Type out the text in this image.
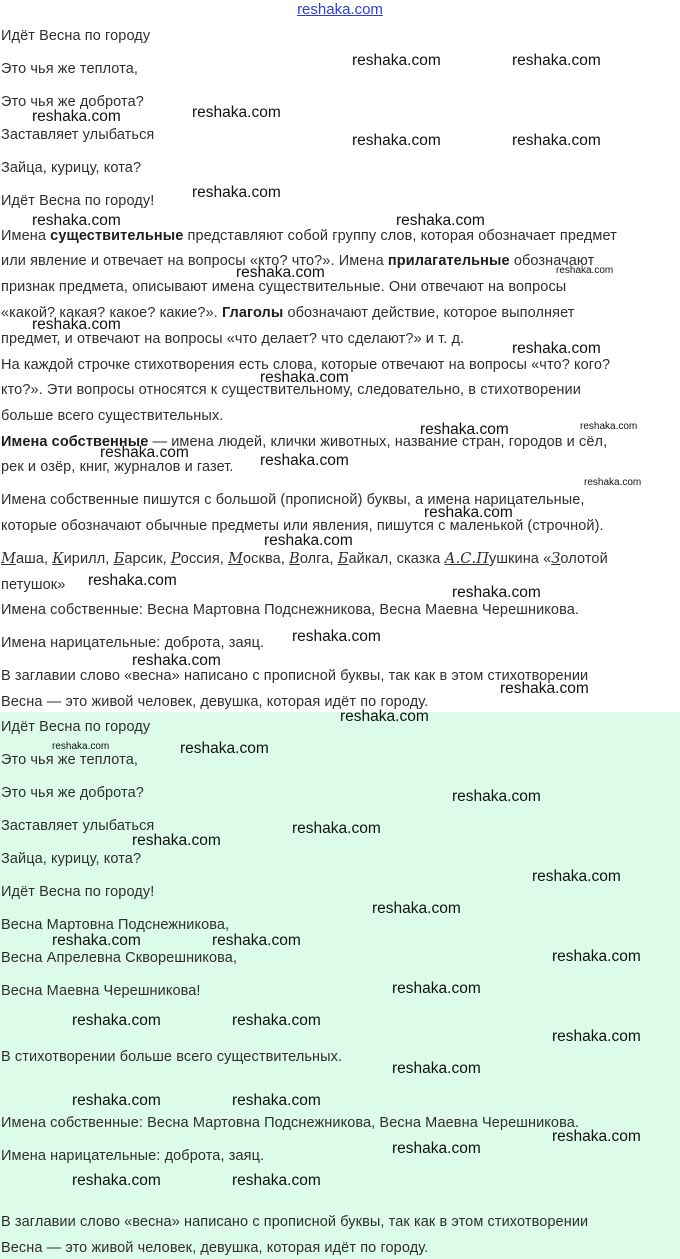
reshaka.com
Идёт Весна по городу
Это чья же теплота,
Это чья же доброта?
Заставляет улыбаться
Зайца, курицу, кота?
Идёт Весна по городу!
Имена существительные представляют собой группу слов, которая обозначает предмет
или явление и отвечает на вопросы «кто? что?». Имена прилагательные обозначают
признак предмета, описывают имена существительные. Они отвечают на вопросы
«какой? какая? какое? какие?». Глаголы обозначают действие, которое выполняет
предмет, и отвечают на вопросы «что делает? что сделают?» и т. д.
На каждой строчке стихотворения есть слова, которые отвечают на вопросы «что? кого?
кто?». Эти вопросы относятся к существительному, следовательно, в стихотворении
больше всего существительных.
Имена собственные — имена людей, клички животных, название стран, городов и сёл,
рек и озёр, книг, журналов и газет.
Имена собственные пишутся с большой (прописной) буквы, а имена нарицательные,
которые обозначают обычные предметы или явления, пишутся с маленькой (строчной).
Маша, Кирилл, Барсик, Россия, Москва, Волга, Байкал, сказка А.С.Пушкина «Золотой
петушок»
Имена собственные: Весна Мартовна Подснежникова, Весна Маевна Черешникова.
Имена нарицательные: доброта, заяц.
В заглавии слово «весна» написано с прописной буквы, так как в этом стихотворении
Весна — это живой человек, девушка, которая идёт по городу.
Идёт Весна по городу
Это чья же теплота,
Это чья же доброта?
Заставляет улыбаться
Зайца, курицу, кота?
Идёт Весна по городу!
Весна Мартовна Подснежникова,
Весна Апрелевна Скворешникова,
Весна Маевна Черешникова!
В стихотворении больше всего существительных.
Имена собственные: Весна Мартовна Подснежникова, Весна Маевна Черешникова.
Имена нарицательные: доброта, заяц.
В заглавии слово «весна» написано с прописной буквы, так как в этом стихотворении
Весна — это живой человек, девушка, которая идёт по городу.
reshaka.com	reshaka.com
reshaka.com
reshaka.com
reshaka.com	reshaka.com
reshaka.com
reshaka.com	reshaka.com
reshaka.com	reshaka.com
reshaka.com
reshaka.com
reshaka.com
reshaka.com	reshaka.com
reshaka.com	reshaka.com
reshaka.com
reshaka.com
reshaka.com
reshaka.com
reshaka.com
reshaka.com
reshaka.com
reshaka.com
reshaka.com
reshaka.com	reshaka.com
reshaka.com
reshaka.com
reshaka.com
reshaka.com
reshaka.com
reshaka.com	reshaka.com
reshaka.com
reshaka.com
reshaka.com	reshaka.com
reshaka.com
reshaka.com
reshaka.com	reshaka.com
reshaka.com
reshaka.com
reshaka.com	reshaka.com
